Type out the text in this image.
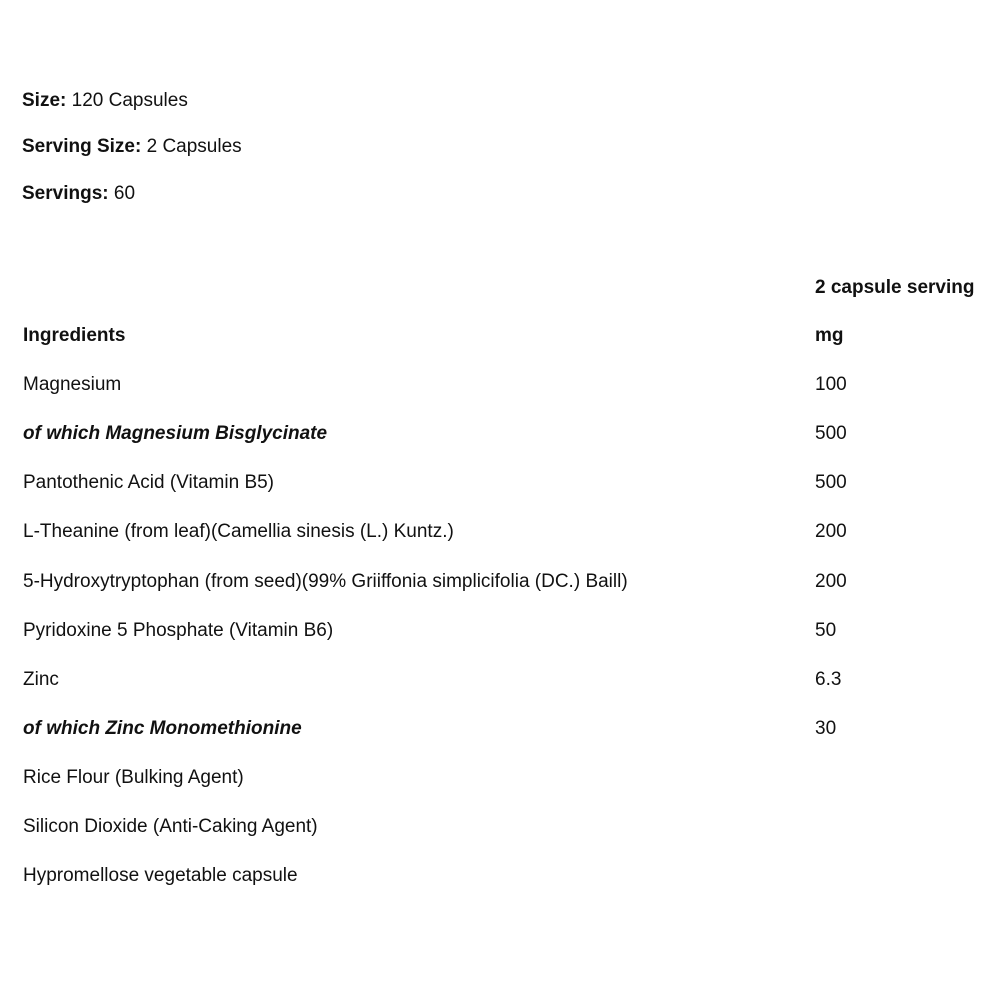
Size: 120 Capsules
Serving Size: 2 Capsules
Servings: 60
2 capsule serving
Ingredients	mg
Magnesium	100
of which Magnesium Bisglycinate	500
Pantothenic Acid (Vitamin B5)	500
L-Theanine (from leaf)(Camellia sinesis (L.) Kuntz.)	200
5-Hydroxytryptophan (from seed)(99% Griiffonia simplicifolia (DC.) Baill)	200
Pyridoxine 5 Phosphate (Vitamin B6)	50
Zinc	6.3
of which Zinc Monomethionine	30
Rice Flour (Bulking Agent)
Silicon Dioxide (Anti-Caking Agent)
Hypromellose vegetable capsule
